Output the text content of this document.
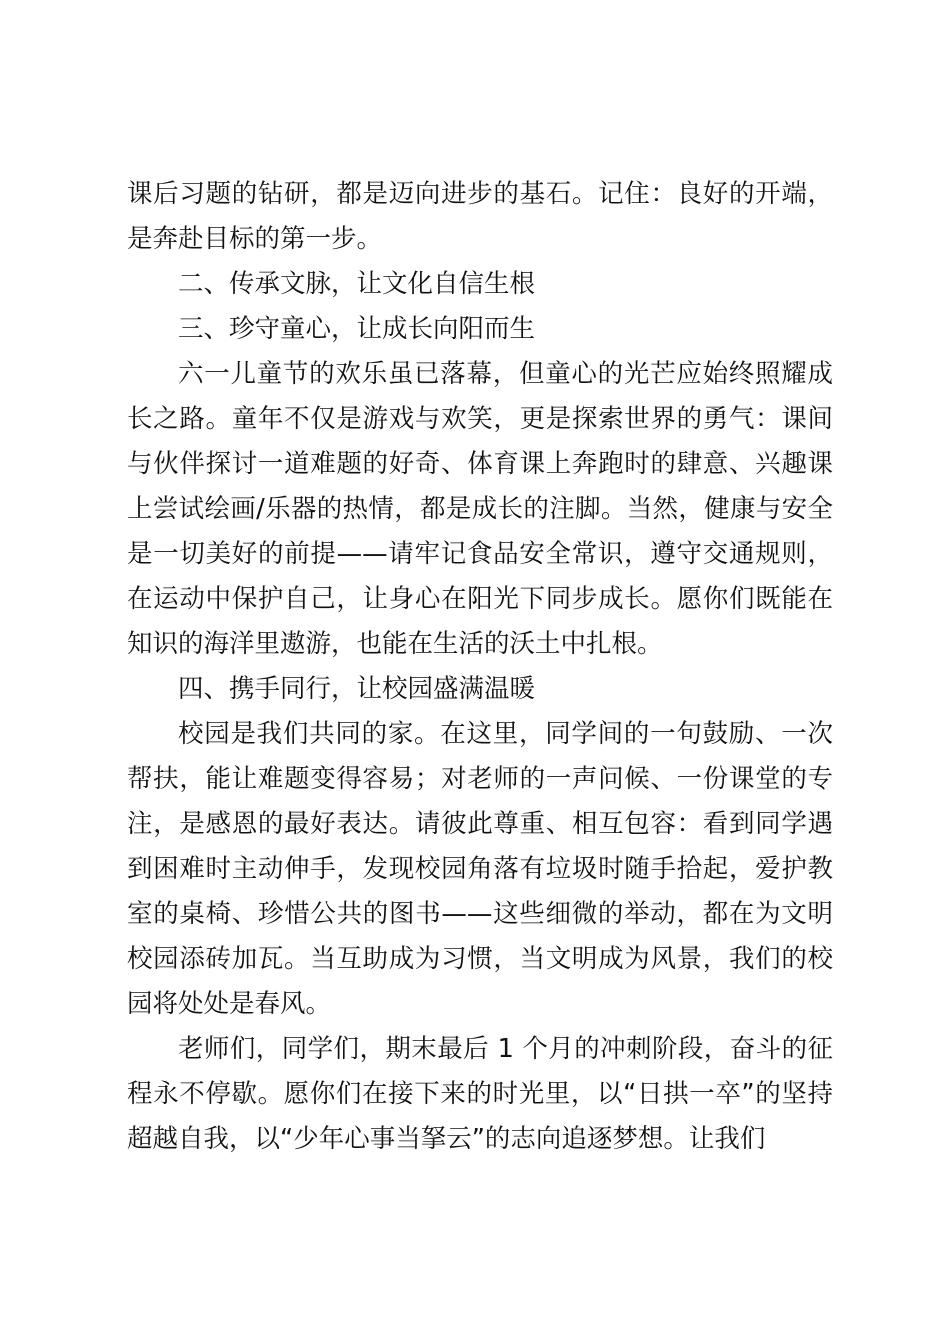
课后习题的钻研，都是迈向进步的基石。记住：良好的开端，是奔赴目标的第一步。

二、传承文脉，让文化自信生根

三、珍守童心，让成长向阳而生

六一儿童节的欢乐虽已落幕，但童心的光芒应始终照耀成长之路。童年不仅是游戏与欢笑，更是探索世界的勇气：课间与伙伴探讨一道难题的好奇、体育课上奔跑时的肆意、兴趣课上尝试绘画/乐器的热情，都是成长的注脚。当然，健康与安全是一切美好的前提——请牢记食品安全常识，遵守交通规则，在运动中保护自己，让身心在阳光下同步成长。愿你们既能在知识的海洋里遨游，也能在生活的沃土中扎根。

四、携手同行，让校园盛满温暖

校园是我们共同的家。在这里，同学间的一句鼓励、一次帮扶，能让难题变得容易；对老师的一声问候、一份课堂的专注，是感恩的最好表达。请彼此尊重、相互包容：看到同学遇到困难时主动伸手，发现校园角落有垃圾时随手拾起，爱护教室的桌椅、珍惜公共的图书——这些细微的举动，都在为文明校园添砖加瓦。当互助成为习惯，当文明成为风景，我们的校园将处处是春风。

老师们，同学们，期末最后 1 个月的冲刺阶段，奋斗的征程永不停歇。愿你们在接下来的时光里，以“日拱一卒”的坚持超越自我，以“少年心事当拏云”的志向追逐梦想。让我们
